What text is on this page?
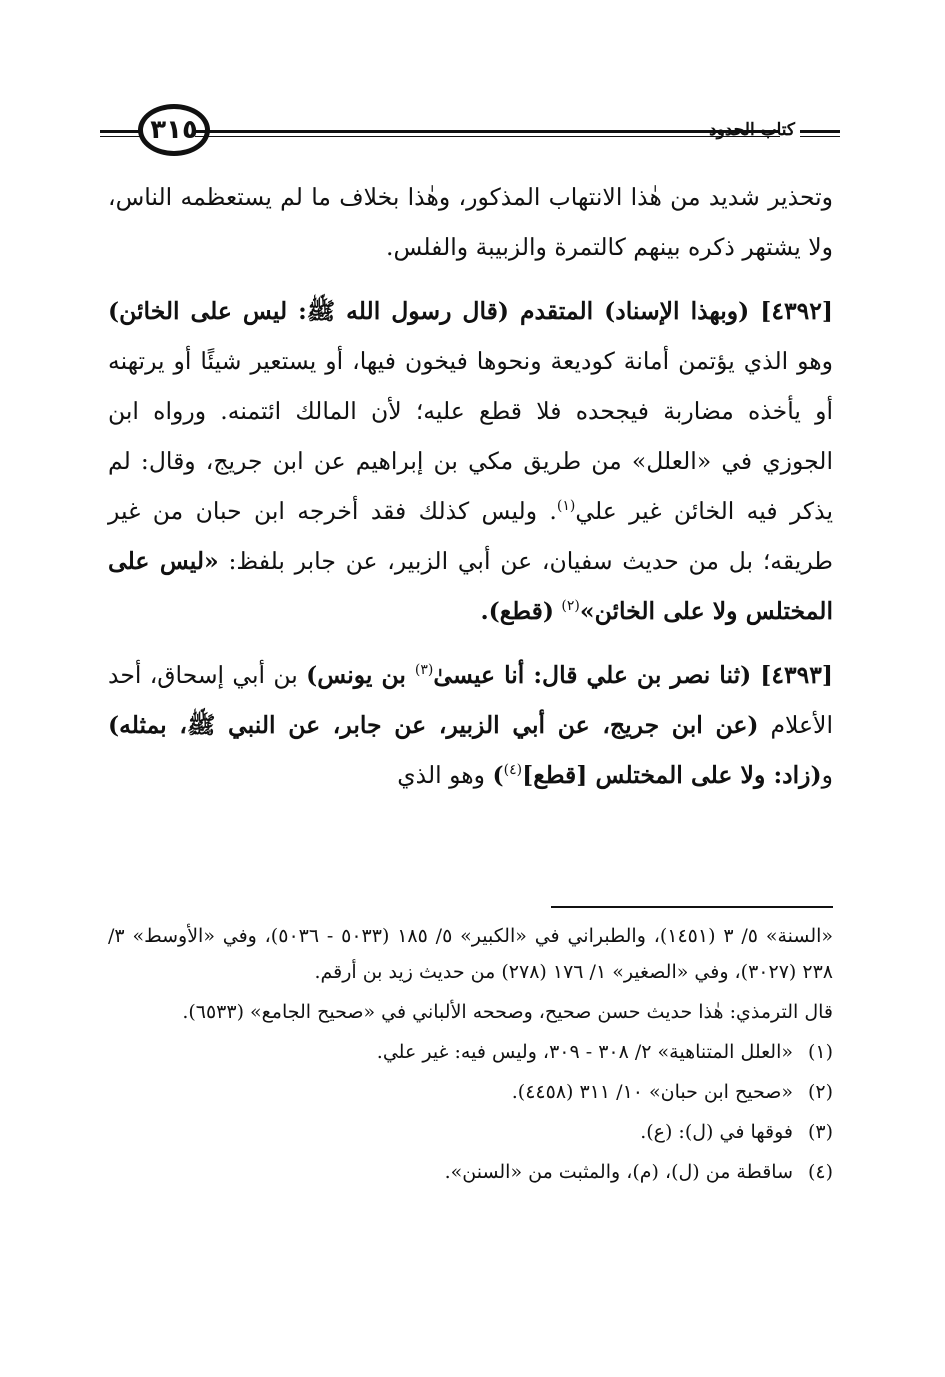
كتاب الحدود
٣١٥

وتحذير شديد من هٰذا الانتهاب المذكور، وهٰذا بخلاف ما لم يستعظمه الناس، ولا يشتهر ذكره بينهم كالتمرة والزبيبة والفلس.

[٤٣٩٢] (وبهذا الإسناد) المتقدم (قال رسول الله ﷺ: ليس على الخائن) وهو الذي يؤتمن أمانة كوديعة ونحوها فيخون فيها، أو يستعير شيئًا أو يرتهنه أو يأخذه مضاربة فيجحده فلا قطع عليه؛ لأن المالك ائتمنه. ورواه ابن الجوزي في «العلل» من طريق مكي بن إبراهيم عن ابن جريج، وقال: لم يذكر فيه الخائن غير علي$^{(١)}$. وليس كذلك فقد أخرجه ابن حبان من غير طريقه؛ بل من حديث سفيان، عن أبي الزبير، عن جابر بلفظ: «ليس على المختلس ولا على الخائن»$^{(٢)}$ (قطع).

[٤٣٩٣] (ثنا نصر بن علي قال: أنا عيسىٰ$^{(٣)}$ بن يونس) بن أبي إسحاق، أحد الأعلام (عن ابن جريج، عن أبي الزبير، عن جابر، عن النبي ﷺ، بمثله) و(زاد: ولا على المختلس [قطع]$^{(٤)}$) وهو الذي

«السنة» ٥/ ٣ (١٤٥١)، والطبراني في «الكبير» ٥/ ١٨٥ (٥٠٣٣ - ٥٠٣٦)، وفي «الأوسط» ٣/ ٢٣٨ (٣٠٢٧)، وفي «الصغير» ١/ ١٧٦ (٢٧٨) من حديث زيد بن أرقم.

قال الترمذي: هٰذا حديث حسن صحيح، وصححه الألباني في «صحيح الجامع» (٦٥٣٣).

(١)
«العلل المتناهية» ٢/ ٣٠٨ - ٣٠٩، وليس فيه: غير علي.

(٢)
«صحيح ابن حبان» ١٠/ ٣١١ (٤٤٥٨).

(٣)
فوقها في (ل): (ع).

(٤)
ساقطة من (ل)، (م)، والمثبت من «السنن».
